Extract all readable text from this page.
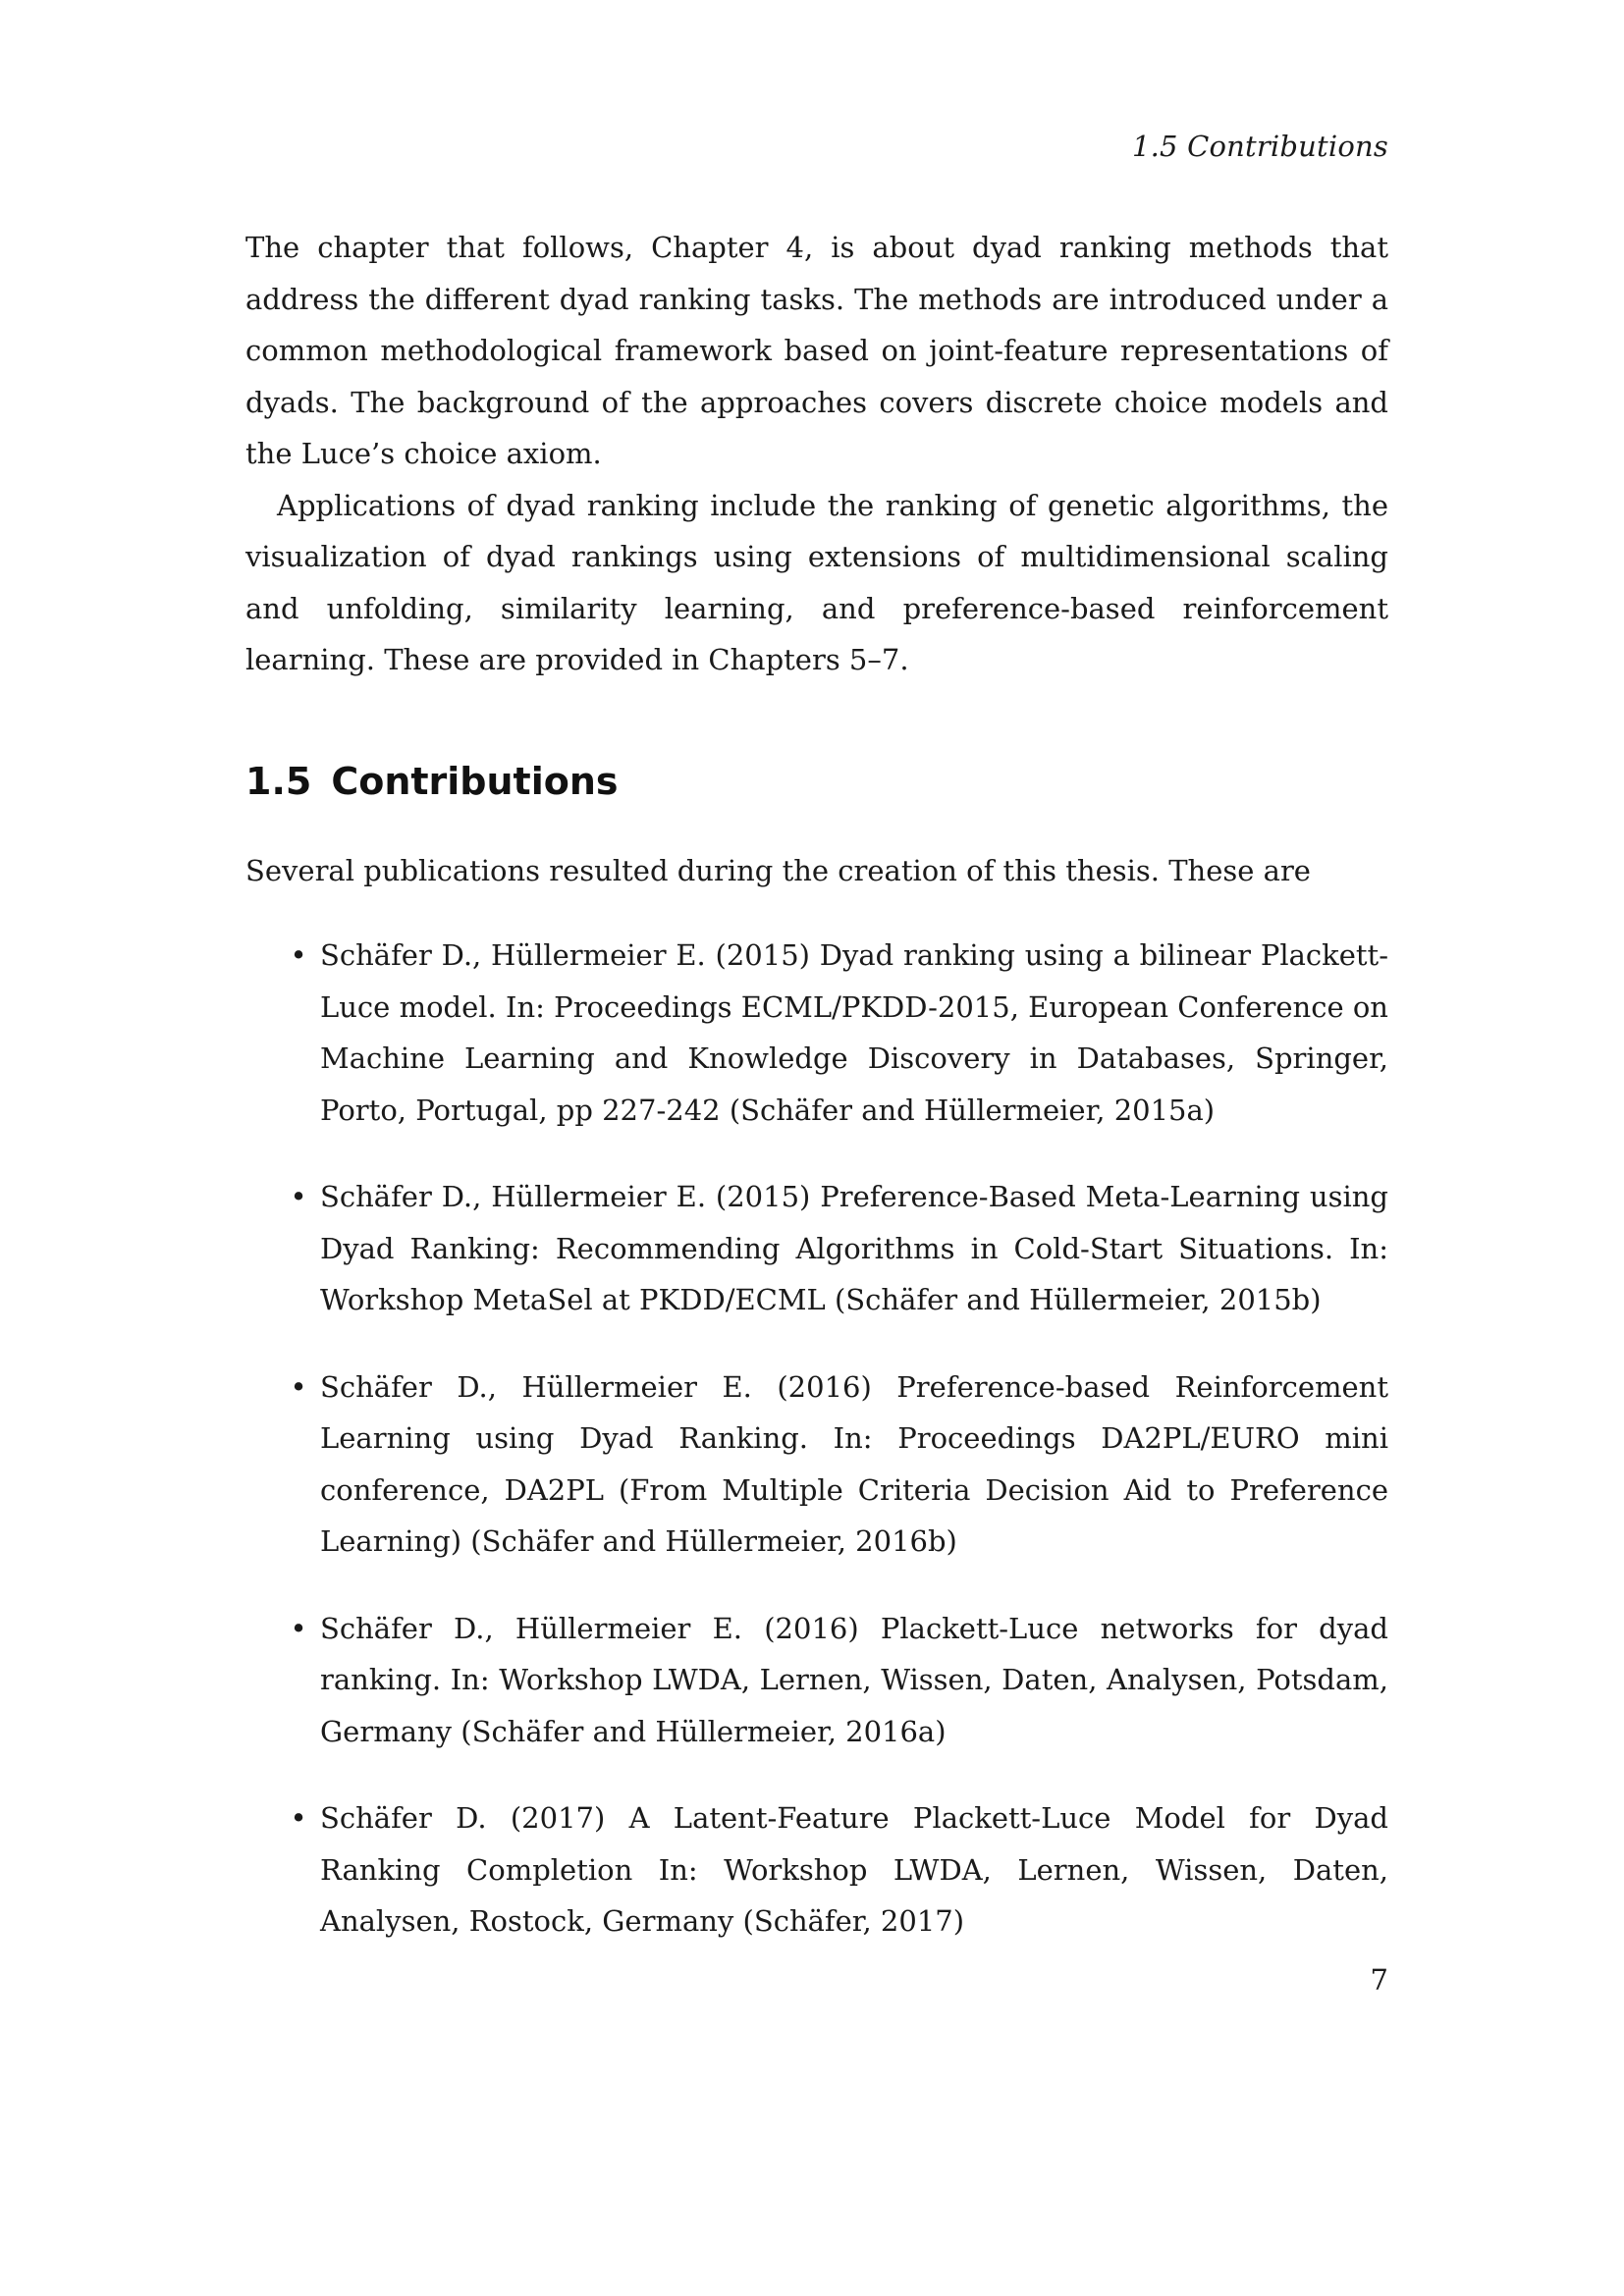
1.5 Contributions

The chapter that follows, Chapter 4, is about dyad ranking methods that address the different dyad ranking tasks. The methods are introduced under a common methodological framework based on joint-feature representations of dyads. The background of the approaches covers discrete choice models and the Luce’s choice axiom.

Applications of dyad ranking include the ranking of genetic algorithms, the visualization of dyad rankings using extensions of multidimensional scaling and unfolding, similarity learning, and preference-based reinforcement learning. These are provided in Chapters 5–7.

1.5 Contributions

Several publications resulted during the creation of this thesis. These are

• Schäfer D., Hüllermeier E. (2015) Dyad ranking using a bilinear Plackett-Luce model. In: Proceedings ECML/PKDD-2015, European Conference on Machine Learning and Knowledge Discovery in Databases, Springer, Porto, Portugal, pp 227-242 (Schäfer and Hüllermeier, 2015a)
• Schäfer D., Hüllermeier E. (2015) Preference-Based Meta-Learning using Dyad Ranking: Recommending Algorithms in Cold-Start Situations. In: Workshop MetaSel at PKDD/ECML (Schäfer and Hüllermeier, 2015b)
• Schäfer D., Hüllermeier E. (2016) Preference-based Reinforcement Learning using Dyad Ranking. In: Proceedings DA2PL/EURO mini conference, DA2PL (From Multiple Criteria Decision Aid to Preference Learning) (Schäfer and Hüllermeier, 2016b)
• Schäfer D., Hüllermeier E. (2016) Plackett-Luce networks for dyad ranking. In: Workshop LWDA, Lernen, Wissen, Daten, Analysen, Potsdam, Germany (Schäfer and Hüllermeier, 2016a)
• Schäfer D. (2017) A Latent-Feature Plackett-Luce Model for Dyad Ranking Completion In: Workshop LWDA, Lernen, Wissen, Daten, Analysen, Rostock, Germany (Schäfer, 2017)
7
